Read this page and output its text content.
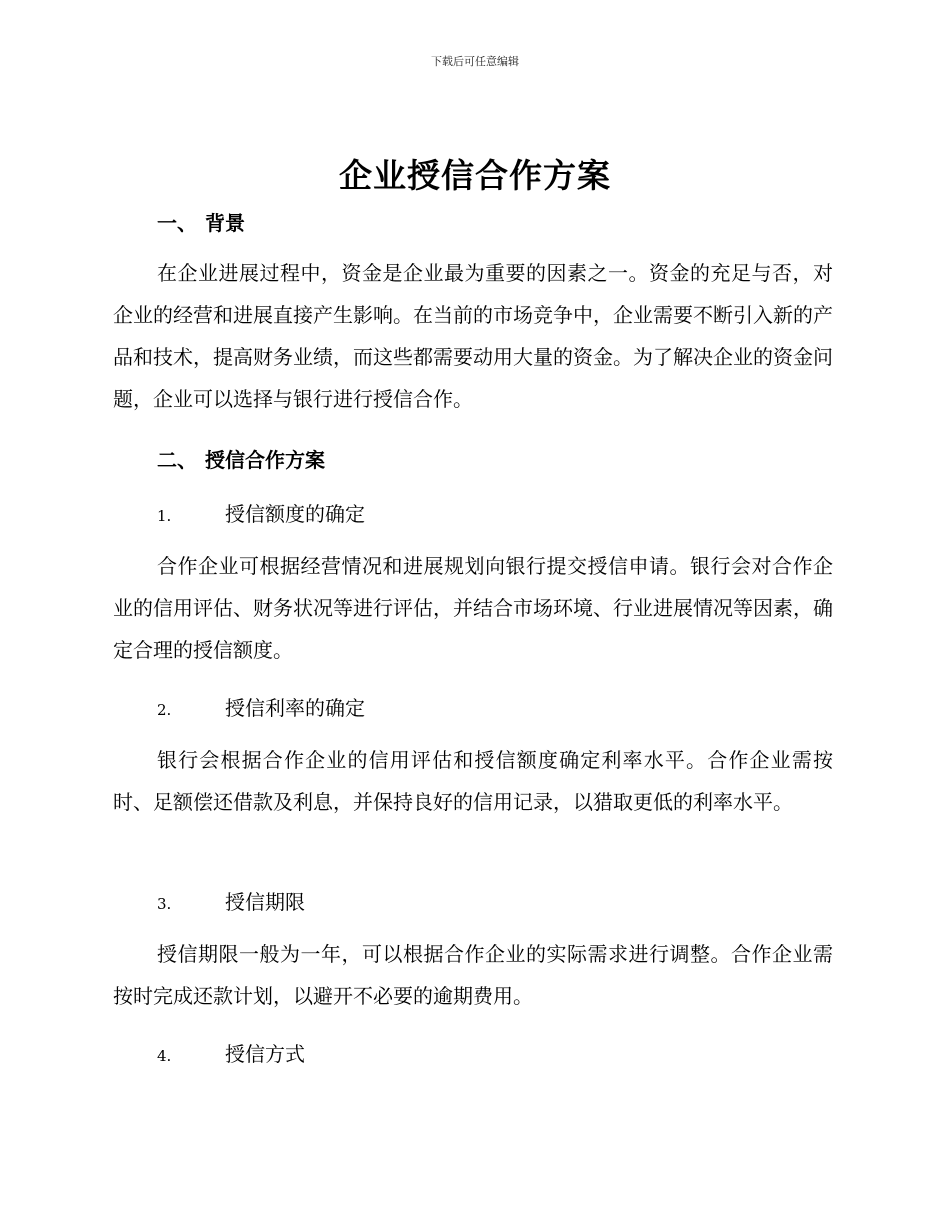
下载后可任意编辑
企业授信合作方案
一、 背景
在企业进展过程中，资金是企业最为重要的因素之一。资金的充足与否，对企业的经营和进展直接产生影响。在当前的市场竞争中，企业需要不断引入新的产品和技术，提高财务业绩，而这些都需要动用大量的资金。为了解决企业的资金问题，企业可以选择与银行进行授信合作。
二、 授信合作方案
1.	授信额度的确定
合作企业可根据经营情况和进展规划向银行提交授信申请。银行会对合作企业的信用评估、财务状况等进行评估，并结合市场环境、行业进展情况等因素，确定合理的授信额度。
2.	授信利率的确定
银行会根据合作企业的信用评估和授信额度确定利率水平。合作企业需按时、足额偿还借款及利息，并保持良好的信用记录，以猎取更低的利率水平。
3.	授信期限
授信期限一般为一年，可以根据合作企业的实际需求进行调整。合作企业需按时完成还款计划，以避开不必要的逾期费用。
4.	授信方式
